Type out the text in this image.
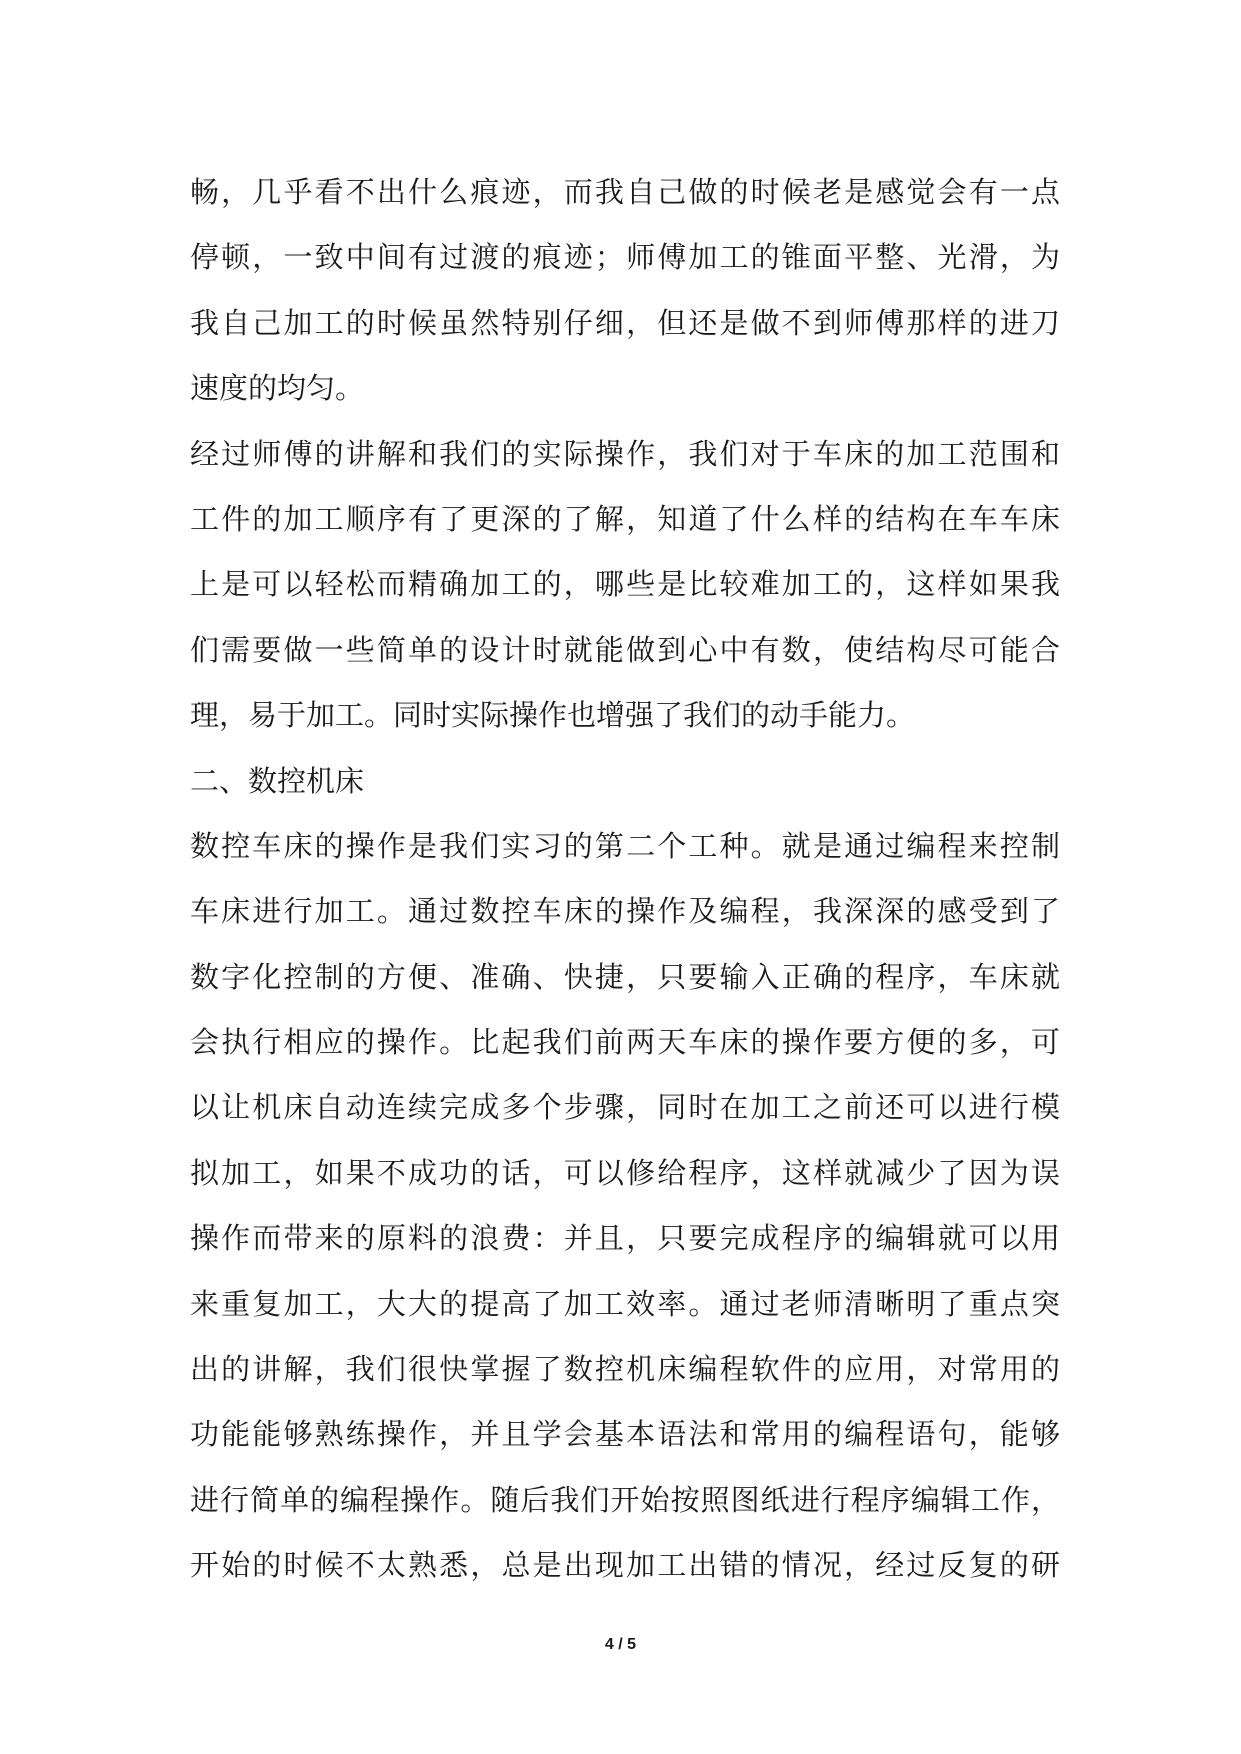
畅，几乎看不出什么痕迹，而我自己做的时候老是感觉会有一点
停顿，一致中间有过渡的痕迹；师傅加工的锥面平整、光滑，为
我自己加工的时候虽然特别仔细，但还是做不到师傅那样的进刀
速度的均匀。
经过师傅的讲解和我们的实际操作，我们对于车床的加工范围和
工件的加工顺序有了更深的了解，知道了什么样的结构在车车床
上是可以轻松而精确加工的，哪些是比较难加工的，这样如果我
们需要做一些简单的设计时就能做到心中有数，使结构尽可能合
理，易于加工。同时实际操作也增强了我们的动手能力。
二、数控机床
数控车床的操作是我们实习的第二个工种。就是通过编程来控制
车床进行加工。通过数控车床的操作及编程，我深深的感受到了
数字化控制的方便、准确、快捷，只要输入正确的程序，车床就
会执行相应的操作。比起我们前两天车床的操作要方便的多，可
以让机床自动连续完成多个步骤，同时在加工之前还可以进行模
拟加工，如果不成功的话，可以修给程序，这样就减少了因为误
操作而带来的原料的浪费：并且，只要完成程序的编辑就可以用
来重复加工，大大的提高了加工效率。通过老师清晰明了重点突
出的讲解，我们很快掌握了数控机床编程软件的应用，对常用的
功能能够熟练操作，并且学会基本语法和常用的编程语句，能够
进行简单的编程操作。随后我们开始按照图纸进行程序编辑工作，
开始的时候不太熟悉，总是出现加工出错的情况，经过反复的研
4 / 5
